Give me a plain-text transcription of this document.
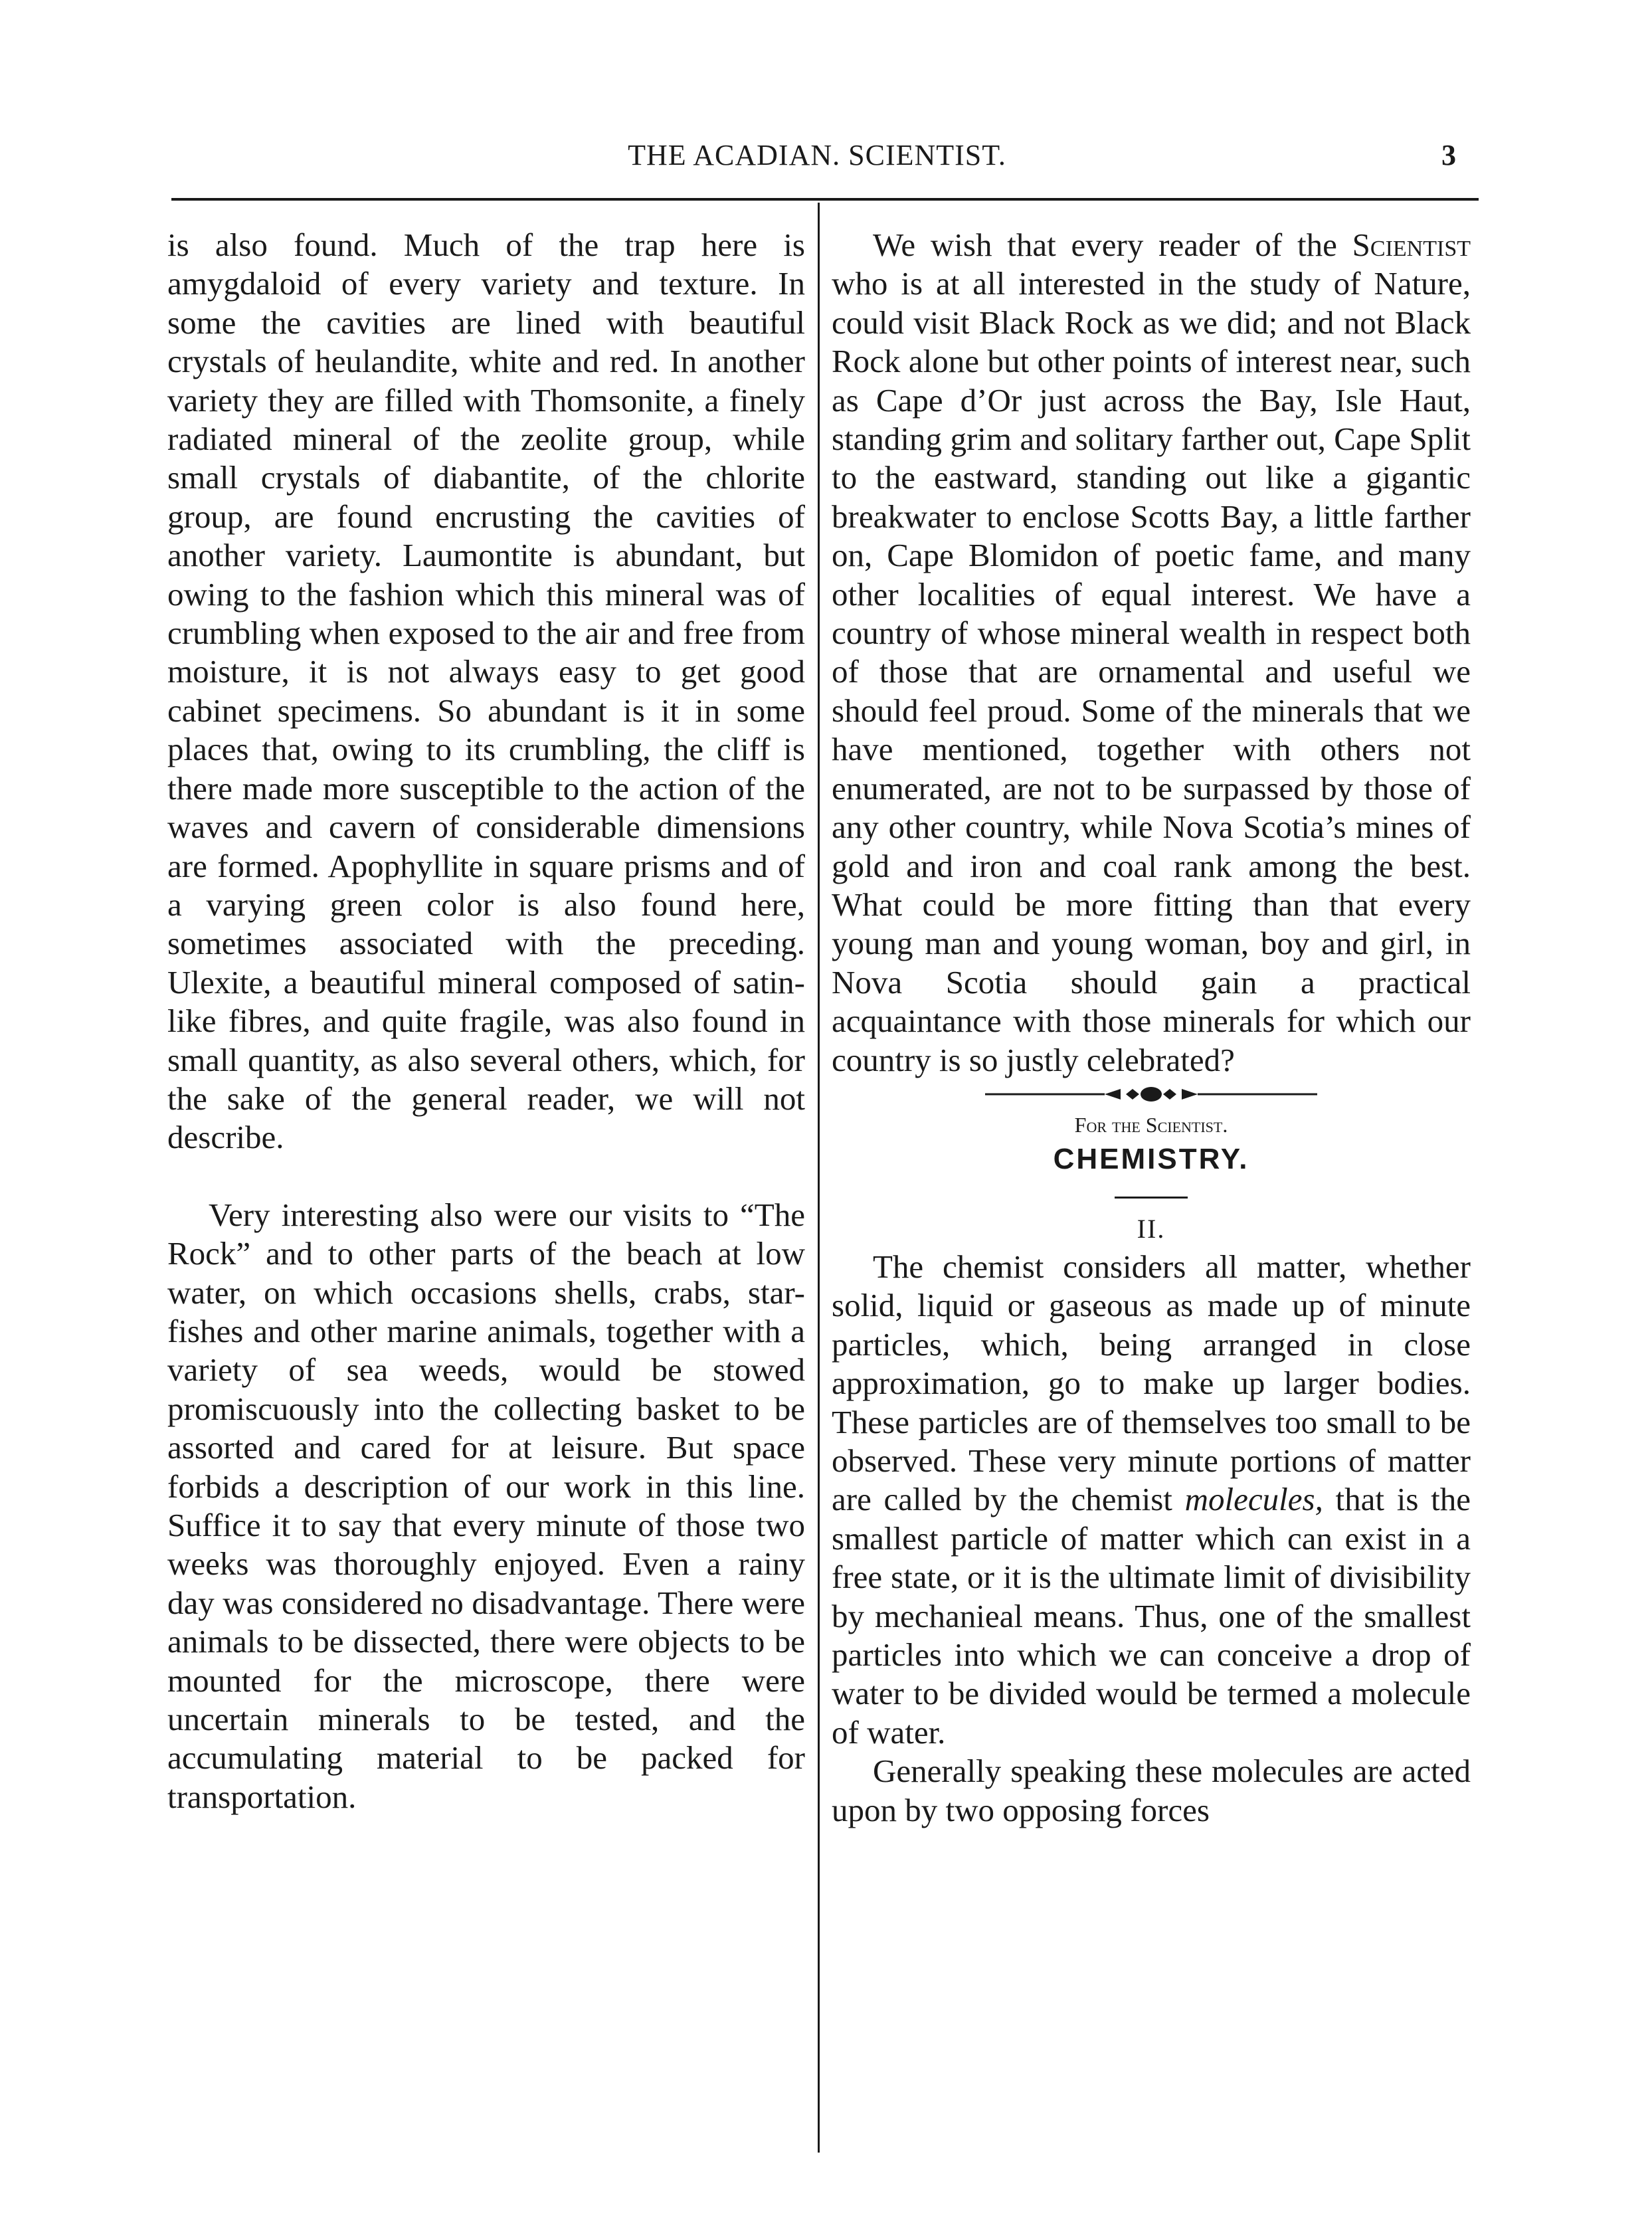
THE ACADIAN. SCIENTIST.	3

is also found. Much of the trap here is amygdaloid of every variety and texture. In some the cavities are lined with beautiful crystals of heulandite, white and red. In another variety they are filled with Thomsonite, a finely radiated mineral of the zeolite group, while small crystals of diabantite, of the chlorite group, are found encrusting the cavities of another variety. Laumontite is abundant, but owing to the fashion which this mineral was of crumbling when exposed to the air and free from moisture, it is not always easy to get good cabinet specimens. So abundant is it in some places that, owing to its crumbling, the cliff is there made more susceptible to the action of the waves and cavern of considerable dimensions are formed. Apophyllite in square prisms and of a varying green color is also found here, sometimes associated with the preceding. Ulexite, a beautiful mineral composed of satin-like fibres, and quite fragile, was also found in small quantity, as also several others, which, for the sake of the general reader, we will not describe.

Very interesting also were our visits to “The Rock” and to other parts of the beach at low water, on which occasions shells, crabs, star-fishes and other marine animals, together with a variety of sea weeds, would be stowed promiscuously into the collecting basket to be assorted and cared for at leisure. But space forbids a description of our work in this line. Suffice it to say that every minute of those two weeks was thoroughly enjoyed. Even a rainy day was considered no disadvantage. There were animals to be dissected, there were objects to be mounted for the microscope, there were uncertain minerals to be tested, and the accumulating material to be packed for transportation.

We wish that every reader of the Scientist who is at all interested in the study of Nature, could visit Black Rock as we did; and not Black Rock alone but other points of interest near, such as Cape d’Or just across the Bay, Isle Haut, standing grim and solitary farther out, Cape Split to the eastward, standing out like a gigantic breakwater to enclose Scotts Bay, a little farther on, Cape Blomidon of poetic fame, and many other localities of equal interest. We have a country of whose mineral wealth in respect both of those that are ornamental and useful we should feel proud. Some of the minerals that we have mentioned, together with others not enumerated, are not to be surpassed by those of any other country, while Nova Scotia’s mines of gold and iron and coal rank among the best. What could be more fitting than that every young man and young woman, boy and girl, in Nova Scotia should gain a practical acquaintance with those minerals for which our country is so justly celebrated?

For the Scientist.
CHEMISTRY.
II.

The chemist considers all matter, whether solid, liquid or gaseous as made up of minute particles, which, being arranged in close approximation, go to make up larger bodies. These particles are of themselves too small to be observed. These very minute portions of matter are called by the chemist molecules, that is the smallest particle of matter which can exist in a free state, or it is the ultimate limit of divisibility by mechanieal means. Thus, one of the smallest particles into which we can conceive a drop of water to be divided would be termed a molecule of water.

Generally speaking these molecules are acted upon by two opposing forces
